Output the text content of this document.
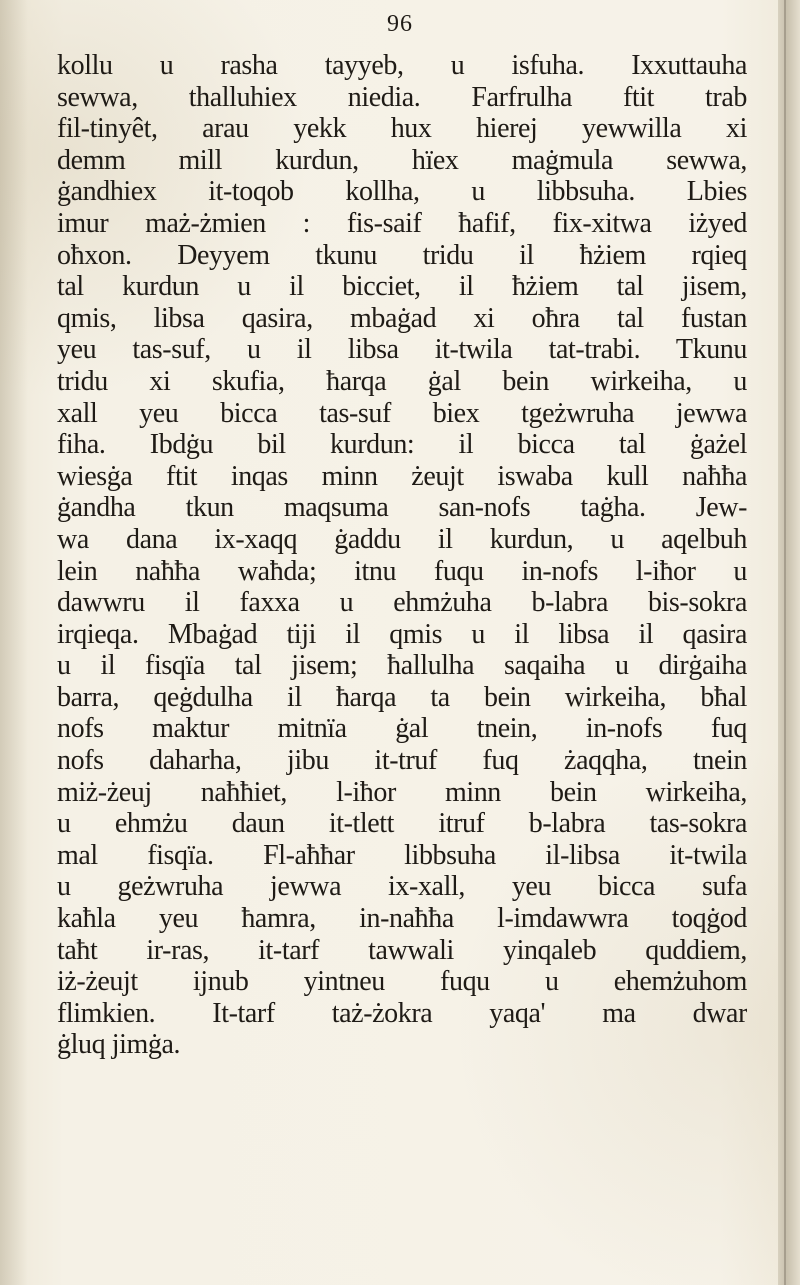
96
kollu u rasha tayyeb, u isfuha. Ixxuttauha
sewwa, thalluhiex niedia. Farfrulha ftit trab
fil-tinyêt, arau yekk hux hierej yewwilla xi
demm mill kurdun, hïex maġmula sewwa,
ġandhiex it-toqob kollha, u libbsuha. Lbies
imur maż-żmien : fis-saif ħafif, fix-xitwa iżyed
oħxon. Deyyem tkunu tridu il ħżiem rqieq
tal kurdun u il bicciet, il ħżiem tal jisem,
qmis, libsa qasira, mbaġad xi oħra tal fustan
yeu tas-suf, u il libsa it-twila tat-trabi. Tkunu
tridu xi skufia, ħarqa ġal bein wirkeiha, u
xall yeu bicca tas-suf biex tgeżwruha jewwa
fiha. Ibdġu bil kurdun: il bicca tal ġażel
wiesġa ftit inqas minn żeujt iswaba kull naħħa
ġandha tkun maqsuma san-nofs taġha. Jew-
wa dana ix-xaqq ġaddu il kurdun, u aqelbuh
lein naħħa waħda; itnu fuqu in-nofs l-iħor u
dawwru il faxxa u ehmżuha b-labra bis-sokra
irqieqa. Mbaġad tiji il qmis u il libsa il qasira
u il fisqïa tal jisem; ħallulha saqaiha u dirġaiha
barra, qeġdulha il ħarqa ta bein wirkeiha, bħal
nofs maktur mitnïa ġal tnein, in-nofs fuq
nofs daharha, jibu it-truf fuq żaqqha, tnein
miż-żeuj naħħiet, l-iħor minn bein wirkeiha,
u ehmżu daun it-tlett itruf b-labra tas-sokra
mal fisqïa. Fl-aħħar libbsuha il-libsa it-twila
u geżwruha jewwa ix-xall, yeu bicca sufa
kaħla yeu ħamra, in-naħħa l-imdawwra toqġod
taħt ir-ras, it-tarf tawwali yinqaleb quddiem,
iż-żeujt ijnub yintneu fuqu u ehemżuhom
flimkien. It-tarf taż-żokra yaqa' ma dwar
ġluq jimġa.
